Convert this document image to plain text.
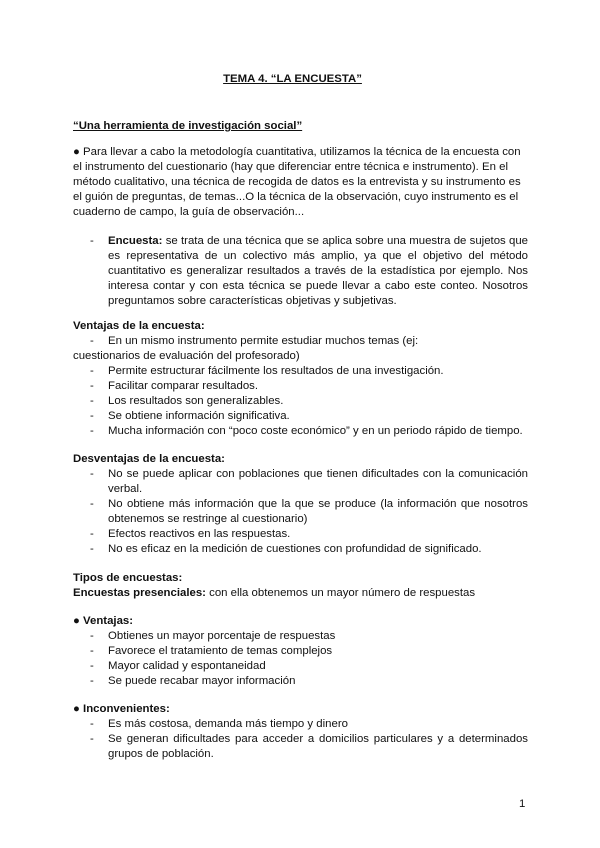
TEMA 4. “LA ENCUESTA”
“Una herramienta de investigación social”
● Para llevar a cabo la metodología cuantitativa, utilizamos la técnica de la encuesta con el instrumento del cuestionario (hay que diferenciar entre técnica e instrumento). En el método cualitativo, una técnica de recogida de datos es la entrevista y su instrumento es el guión de preguntas, de temas...O la técnica de la observación, cuyo instrumento es el cuaderno de campo, la guía de observación...
- Encuesta: se trata de una técnica que se aplica sobre una muestra de sujetos que es representativa de un colectivo más amplio, ya que el objetivo del método cuantitativo es generalizar resultados a través de la estadística por ejemplo. Nos interesa contar y con esta técnica se puede llevar a cabo este conteo. Nosotros preguntamos sobre características objetivas y subjetivas.
Ventajas de la encuesta:
- En un mismo instrumento permite estudiar muchos temas (ej:
cuestionarios de evaluación del profesorado)
- Permite estructurar fácilmente los resultados de una investigación.
- Facilitar comparar resultados.
- Los resultados son generalizables.
- Se obtiene información significativa.
- Mucha información con “poco coste económico” y en un periodo rápido de tiempo.
Desventajas de la encuesta:
- No se puede aplicar con poblaciones que tienen dificultades con la comunicación verbal.
- No obtiene más información que la que se produce (la información que nosotros obtenemos se restringe al cuestionario)
- Efectos reactivos en las respuestas.
- No es eficaz en la medición de cuestiones con profundidad de significado.
Tipos de encuestas:
Encuestas presenciales: con ella obtenemos un mayor número de respuestas
● Ventajas:
- Obtienes un mayor porcentaje de respuestas
- Favorece el tratamiento de temas complejos
- Mayor calidad y espontaneidad
- Se puede recabar mayor información
● Inconvenientes:
- Es más costosa, demanda más tiempo y dinero
- Se generan dificultades para acceder a domicilios particulares y a determinados grupos de población.
1
